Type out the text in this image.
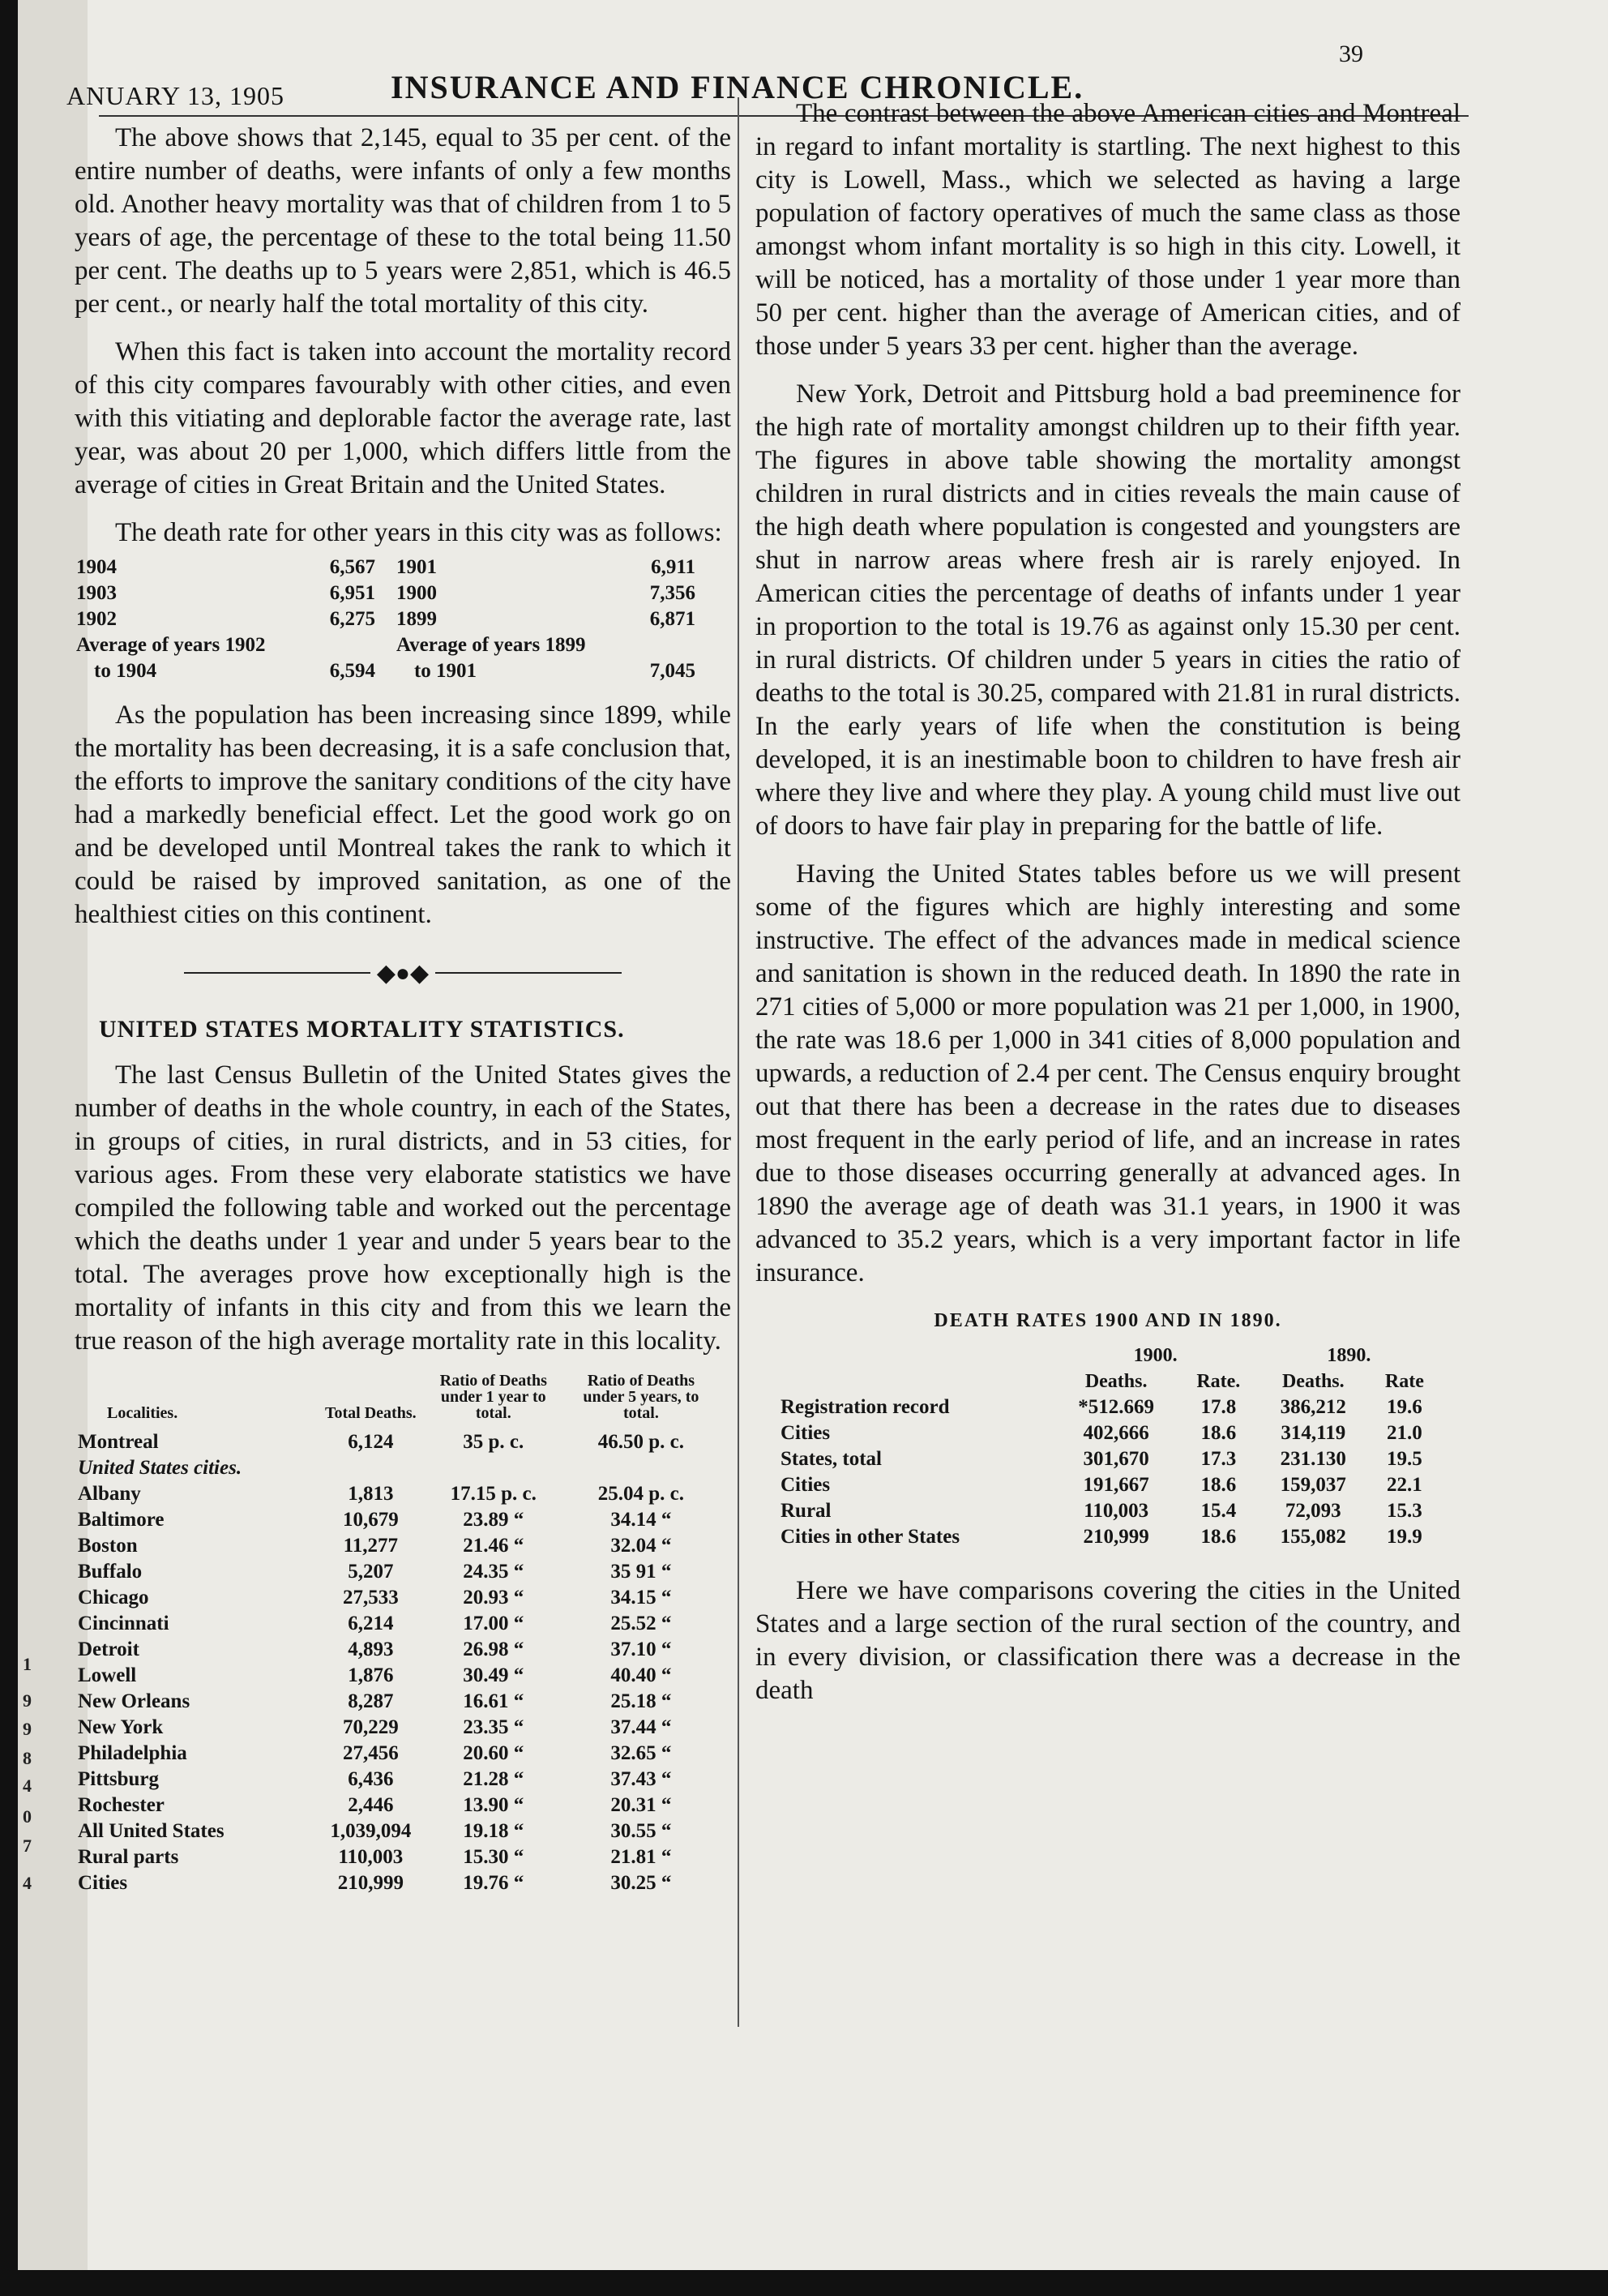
1
9
9
8
4
0
7
4
ANUARY 13, 1905	INSURANCE AND FINANCE CHRONICLE.
39

The above shows that 2,145, equal to 35 per cent. of the entire number of deaths, were infants of only a few months old. Another heavy mortality was that of children from 1 to 5 years of age, the percentage of these to the total being 11.50 per cent. The deaths up to 5 years were 2,851, which is 46.5 per cent., or nearly half the total mortality of this city.

When this fact is taken into account the mortality record of this city compares favourably with other cities, and even with this vitiating and deplorable factor the average rate, last year, was about 20 per 1,000, which differs little from the average of cities in Great Britain and the United States.

The death rate for other years in this city was as follows:

1904	6,567	1901	6,911
1903	6,951	1900	7,356
1902	6,275	1899	6,871
Average of years 1902		Average of years 1899	
to 1904	6,594	to 1901	7,045

As the population has been increasing since 1899, while the mortality has been decreasing, it is a safe conclusion that, the efforts to improve the sanitary conditions of the city have had a markedly beneficial effect. Let the good work go on and be developed until Montreal takes the rank to which it could be raised by improved sanitation, as one of the healthiest cities on this continent.

◆●◆
UNITED STATES MORTALITY STATISTICS.

The last Census Bulletin of the United States gives the number of deaths in the whole country, in each of the States, in groups of cities, in rural districts, and in 53 cities, for various ages. From these very elaborate statistics we have compiled the following table and worked out the percentage which the deaths under 1 year and under 5 years bear to the total. The averages prove how exceptionally high is the mortality of infants in this city and from this we learn the true reason of the high average mortality rate in this locality.

Localities.	Total Deaths.	Ratio of Deaths under 1 year to total.	Ratio of Deaths under 5 years, to total.
Montreal	6,124	35 p. c.	46.50 p. c.
United States cities.			
Albany	1,813	17.15 p. c.	25.04 p. c.
Baltimore	10,679	23.89 “	34.14 “
Boston	11,277	21.46 “	32.04 “
Buffalo	5,207	24.35 “	35 91 “
Chicago	27,533	20.93 “	34.15 “
Cincinnati	6,214	17.00 “	25.52 “
Detroit	4,893	26.98 “	37.10 “
Lowell	1,876	30.49 “	40.40 “
New Orleans	8,287	16.61 “	25.18 “
New York	70,229	23.35 “	37.44 “
Philadelphia	27,456	20.60 “	32.65 “
Pittsburg	6,436	21.28 “	37.43 “
Rochester	2,446	13.90 “	20.31 “
All United States	1,039,094	19.18 “	30.55 “
Rural parts	110,003	15.30 “	21.81 “
Cities	210,999	19.76 “	30.25 “

The contrast between the above American cities and Montreal in regard to infant mortality is startling. The next highest to this city is Lowell, Mass., which we selected as having a large population of factory operatives of much the same class as those amongst whom infant mortality is so high in this city. Lowell, it will be noticed, has a mortality of those under 1 year more than 50 per cent. higher than the average of American cities, and of those under 5 years 33 per cent. higher than the average.

New York, Detroit and Pittsburg hold a bad preeminence for the high rate of mortality amongst children up to their fifth year. The figures in above table showing the mortality amongst children in rural districts and in cities reveals the main cause of the high death where population is congested and youngsters are shut in narrow areas where fresh air is rarely enjoyed. In American cities the percentage of deaths of infants under 1 year in proportion to the total is 19.76 as against only 15.30 per cent. in rural districts. Of children under 5 years in cities the ratio of deaths to the total is 30.25, compared with 21.81 in rural districts. In the early years of life when the constitution is being developed, it is an inestimable boon to children to have fresh air where they live and where they play. A young child must live out of doors to have fair play in preparing for the battle of life.

Having the United States tables before us we will present some of the figures which are highly interesting and some instructive. The effect of the advances made in medical science and sanitation is shown in the reduced death. In 1890 the rate in 271 cities of 5,000 or more population was 21 per 1,000, in 1900, the rate was 18.6 per 1,000 in 341 cities of 8,000 population and upwards, a reduction of 2.4 per cent. The Census enquiry brought out that there has been a decrease in the rates due to diseases most frequent in the early period of life, and an increase in rates due to those diseases occurring generally at advanced ages. In 1890 the average age of death was 31.1 years, in 1900 it was advanced to 35.2 years, which is a very important factor in life insurance.

DEATH RATES 1900 AND IN 1890.
	1900.		1890.	
	Deaths.	Rate.	Deaths.	Rate
Registration record	*512.669	17.8	386,212	19.6
Cities	402,666	18.6	314,119	21.0
States, total	301,670	17.3	231.130	19.5
Cities	191,667	18.6	159,037	22.1
Rural	110,003	15.4	72,093	15.3
Cities in other States	210,999	18.6	155,082	19.9

Here we have comparisons covering the cities in the United States and a large section of the rural section of the country, and in every division, or classification there was a decrease in the death
